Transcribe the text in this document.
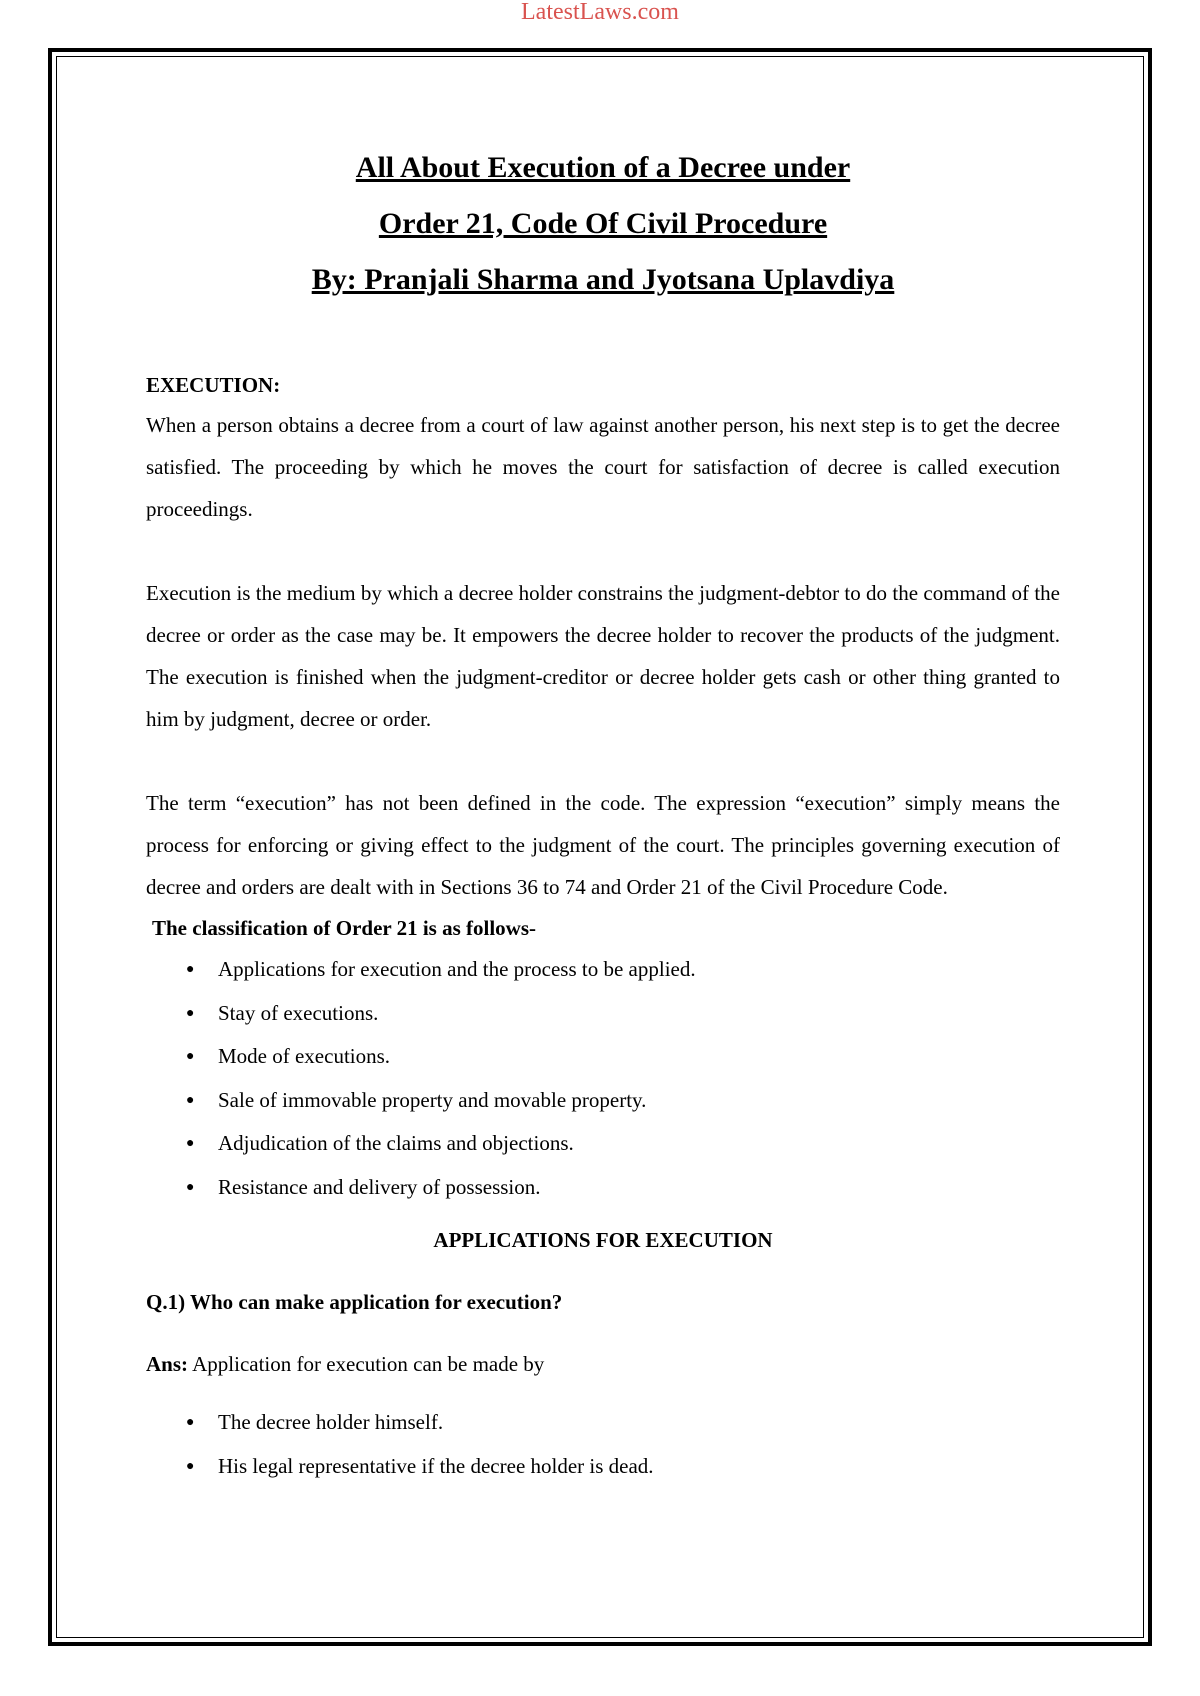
LatestLaws.com

All About Execution of a Decree under

Order 21, Code Of Civil Procedure

By: Pranjali Sharma and Jyotsana Uplavdiya

EXECUTION:

When a person obtains a decree from a court of law against another person, his next step is to get the decree satisfied. The proceeding by which he moves the court for satisfaction of decree is called execution proceedings.

Execution is the medium by which a decree holder constrains the judgment-debtor to do the command of the decree or order as the case may be. It empowers the decree holder to recover the products of the judgment. The execution is finished when the judgment-creditor or decree holder gets cash or other thing granted to him by judgment, decree or order.

The term “execution” has not been defined in the code. The expression “execution” simply means the process for enforcing or giving effect to the judgment of the court. The principles governing execution of decree and orders are dealt with in Sections 36 to 74 and Order 21 of the Civil Procedure Code.

The classification of Order 21 is as follows-

● Applications for execution and the process to be applied.
● Stay of executions.
● Mode of executions.
● Sale of immovable property and movable property.
● Adjudication of the claims and objections.
● Resistance and delivery of possession.

APPLICATIONS FOR EXECUTION

Q.1) Who can make application for execution?

Ans: Application for execution can be made by

● The decree holder himself.
● His legal representative if the decree holder is dead.
